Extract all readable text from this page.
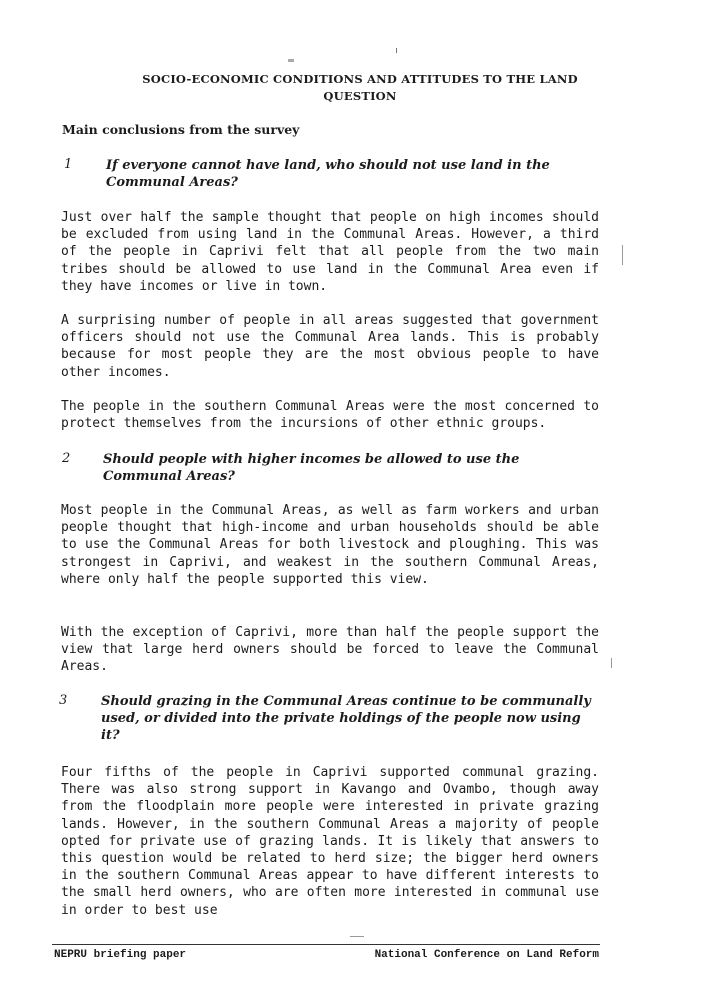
SOCIO-ECONOMIC CONDITIONS AND ATTITUDES TO THE LAND
QUESTION
Main conclusions from the survey
1	If everyone cannot have land, who should not use land in the Communal Areas?
Just over half the sample thought that people on high incomes should be excluded from using land in the Communal Areas. However, a third of the people in Caprivi felt that all people from the two main tribes should be allowed to use land in the Communal Area even if they have incomes or live in town.
A surprising number of people in all areas suggested that government officers should not use the Communal Area lands. This is probably because for most people they are the most obvious people to have other incomes.
The people in the southern Communal Areas were the most concerned to protect themselves from the incursions of other ethnic groups.
2	Should people with higher incomes be allowed to use the Communal Areas?
Most people in the Communal Areas, as well as farm workers and urban people thought that high-income and urban households should be able to use the Communal Areas for both livestock and ploughing. This was strongest in Caprivi, and weakest in the southern Communal Areas, where only half the people supported this view.
With the exception of Caprivi, more than half the people support the view that large herd owners should be forced to leave the Communal Areas.
3	Should grazing in the Communal Areas continue to be communally used, or divided into the private holdings of the people now using it?
Four fifths of the people in Caprivi supported communal grazing. There was also strong support in Kavango and Ovambo, though away from the floodplain more people were interested in private grazing lands. However, in the southern Communal Areas a majority of people opted for private use of grazing lands. It is likely that answers to this question would be related to herd size; the bigger herd owners in the southern Communal Areas appear to have different interests to the small herd owners, who are often more interested in communal use in order to best use
NEPRU briefing paper	National Conference on Land Reform
